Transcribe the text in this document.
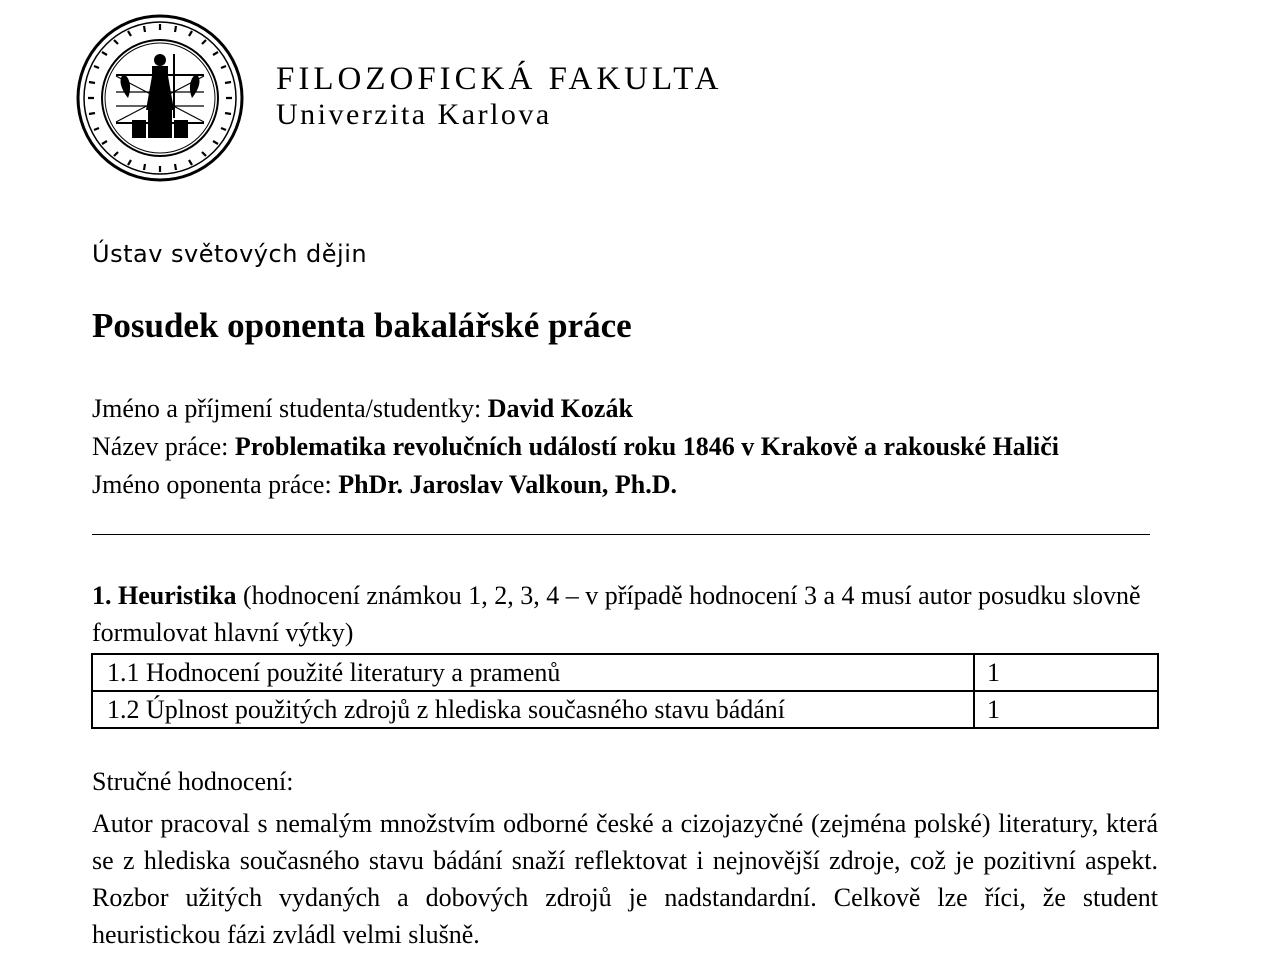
FILOZOFICKÁ FAKULTA
Univerzita Karlova
Ústav světových dějin
Posudek oponenta bakalářské práce
Jméno a příjmení studenta/studentky: David Kozák
Název práce: Problematika revolučních událostí roku 1846 v Krakově a rakouské Haliči
Jméno oponenta práce: PhDr. Jaroslav Valkoun, Ph.D.
1. Heuristika (hodnocení známkou 1, 2, 3, 4 – v případě hodnocení 3 a 4 musí autor posudku slovně formulovat hlavní výtky)
1.1 Hodnocení použité literatury a pramenů	1
1.2 Úplnost použitých zdrojů z hlediska současného stavu bádání	1
Stručné hodnocení:
Autor pracoval s nemalým množstvím odborné české a cizojazyčné (zejména polské) literatury, která se z hlediska současného stavu bádání snaží reflektovat i nejnovější zdroje, což je pozitivní aspekt. Rozbor užitých vydaných a dobových zdrojů je nadstandardní. Celkově lze říci, že student heuristickou fázi zvládl velmi slušně.
